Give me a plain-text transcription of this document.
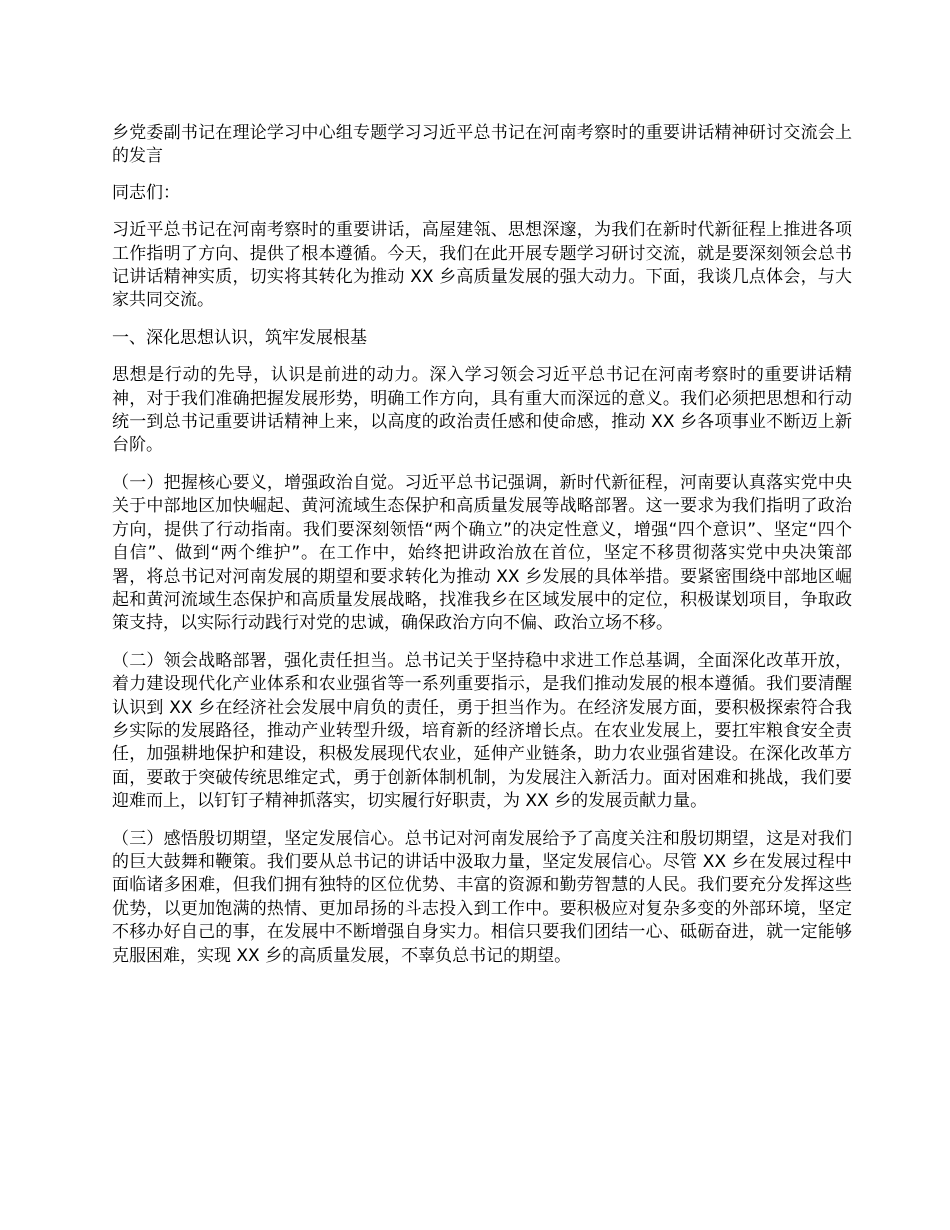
乡党委副书记在理论学习中心组专题学习习近平总书记在河南考察时的重要讲话精神研讨交流会上的发言

同志们：

习近平总书记在河南考察时的重要讲话，高屋建瓴、思想深邃，为我们在新时代新征程上推进各项工作指明了方向、提供了根本遵循。今天，我们在此开展专题学习研讨交流，就是要深刻领会总书记讲话精神实质，切实将其转化为推动 XX 乡高质量发展的强大动力。下面，我谈几点体会，与大家共同交流。

一、深化思想认识，筑牢发展根基

思想是行动的先导，认识是前进的动力。深入学习领会习近平总书记在河南考察时的重要讲话精神，对于我们准确把握发展形势，明确工作方向，具有重大而深远的意义。我们必须把思想和行动统一到总书记重要讲话精神上来，以高度的政治责任感和使命感，推动 XX 乡各项事业不断迈上新台阶。

（一）把握核心要义，增强政治自觉。习近平总书记强调，新时代新征程，河南要认真落实党中央关于中部地区加快崛起、黄河流域生态保护和高质量发展等战略部署。这一要求为我们指明了政治方向，提供了行动指南。我们要深刻领悟“两个确立”的决定性意义，增强“四个意识”、坚定“四个自信”、做到“两个维护”。在工作中，始终把讲政治放在首位，坚定不移贯彻落实党中央决策部署，将总书记对河南发展的期望和要求转化为推动 XX 乡发展的具体举措。要紧密围绕中部地区崛起和黄河流域生态保护和高质量发展战略，找准我乡在区域发展中的定位，积极谋划项目，争取政策支持，以实际行动践行对党的忠诚，确保政治方向不偏、政治立场不移。

（二）领会战略部署，强化责任担当。总书记关于坚持稳中求进工作总基调，全面深化改革开放，着力建设现代化产业体系和农业强省等一系列重要指示，是我们推动发展的根本遵循。我们要清醒认识到 XX 乡在经济社会发展中肩负的责任，勇于担当作为。在经济发展方面，要积极探索符合我乡实际的发展路径，推动产业转型升级，培育新的经济增长点。在农业发展上，要扛牢粮食安全责任，加强耕地保护和建设，积极发展现代农业，延伸产业链条，助力农业强省建设。在深化改革方面，要敢于突破传统思维定式，勇于创新体制机制，为发展注入新活力。面对困难和挑战，我们要迎难而上，以钉钉子精神抓落实，切实履行好职责，为 XX 乡的发展贡献力量。

（三）感悟殷切期望，坚定发展信心。总书记对河南发展给予了高度关注和殷切期望，这是对我们的巨大鼓舞和鞭策。我们要从总书记的讲话中汲取力量，坚定发展信心。尽管 XX 乡在发展过程中面临诸多困难，但我们拥有独特的区位优势、丰富的资源和勤劳智慧的人民。我们要充分发挥这些优势，以更加饱满的热情、更加昂扬的斗志投入到工作中。要积极应对复杂多变的外部环境，坚定不移办好自己的事，在发展中不断增强自身实力。相信只要我们团结一心、砥砺奋进，就一定能够克服困难，实现 XX 乡的高质量发展，不辜负总书记的期望。
